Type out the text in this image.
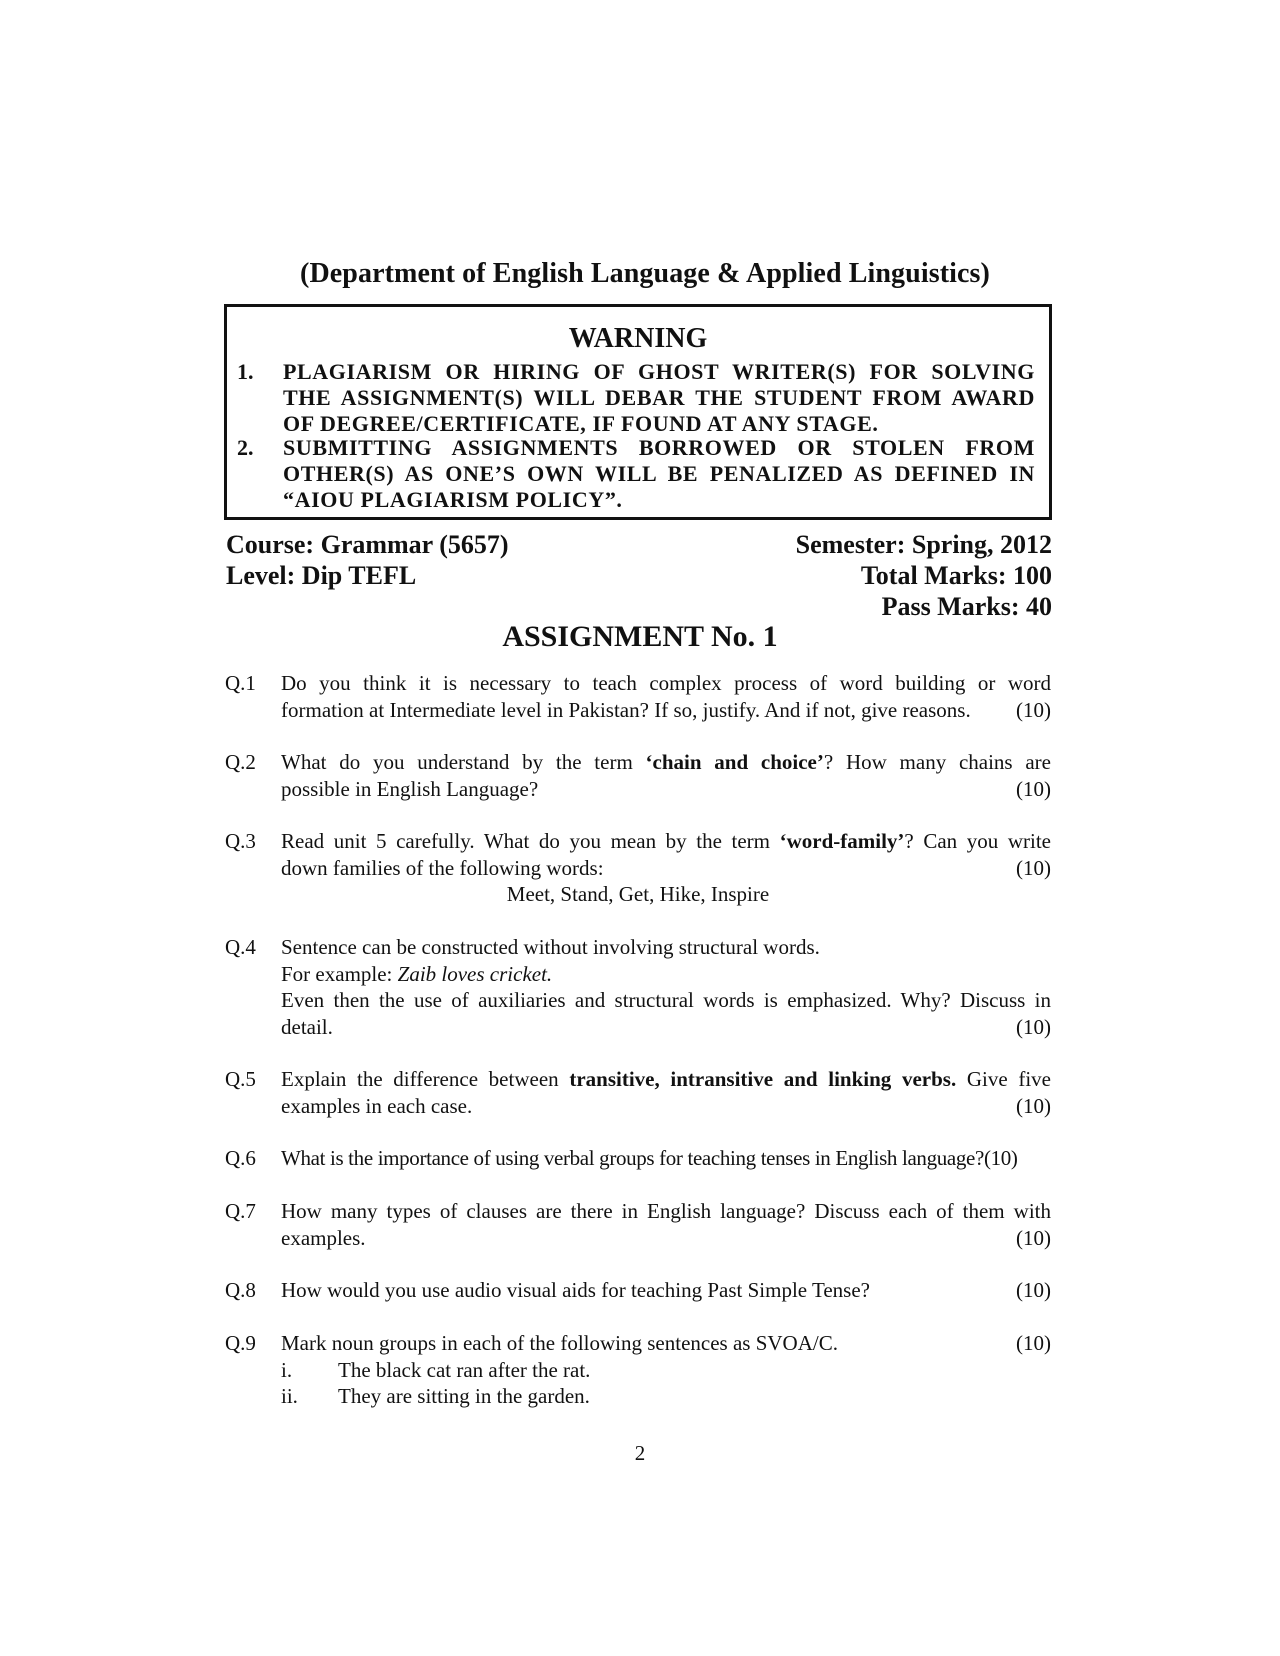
(Department of English Language & Applied Linguistics)
WARNING
1. PLAGIARISM OR HIRING OF GHOST WRITER(S) FOR SOLVING THE ASSIGNMENT(S) WILL DEBAR THE STUDENT FROM AWARD OF DEGREE/CERTIFICATE, IF FOUND AT ANY STAGE.
2. SUBMITTING ASSIGNMENTS BORROWED OR STOLEN FROM OTHER(S) AS ONE’S OWN WILL BE PENALIZED AS DEFINED IN “AIOU PLAGIARISM POLICY”.
Course: Grammar (5657)
Level: Dip TEFL
Semester: Spring, 2012
Total Marks: 100
Pass Marks: 40
ASSIGNMENT No. 1
Q.1 Do you think it is necessary to teach complex process of word building or word

formation at Intermediate level in Pakistan? If so, justify. And if not, give reasons. (10)
Q.2 What do you understand by the term ‘chain and choice’? How many chains are

possible in English Language?	(10)
Q.3 Read unit 5 carefully. What do you mean by the term ‘word-family’? Can you write

down families of the following words:	(10)
Meet, Stand, Get, Hike, Inspire
Q.4 Sentence can be constructed without involving structural words.

For example: Zaib loves cricket.

Even then the use of auxiliaries and structural words is emphasized. Why? Discuss in

detail.	(10)
Q.5 Explain the difference between transitive, intransitive and linking verbs. Give five

examples in each case.	(10)
Q.6 What is the importance of using verbal groups for teaching tenses in English language?(10)

Q.7 How many types of clauses are there in English language? Discuss each of them with

examples.	(10)
Q.8 How would you use audio visual aids for teaching Past Simple Tense?	(10)
Q.9 Mark noun groups in each of the following sentences as SVOA/C.	(10)
i. The black cat ran after the rat.
ii. They are sitting in the garden.
2
